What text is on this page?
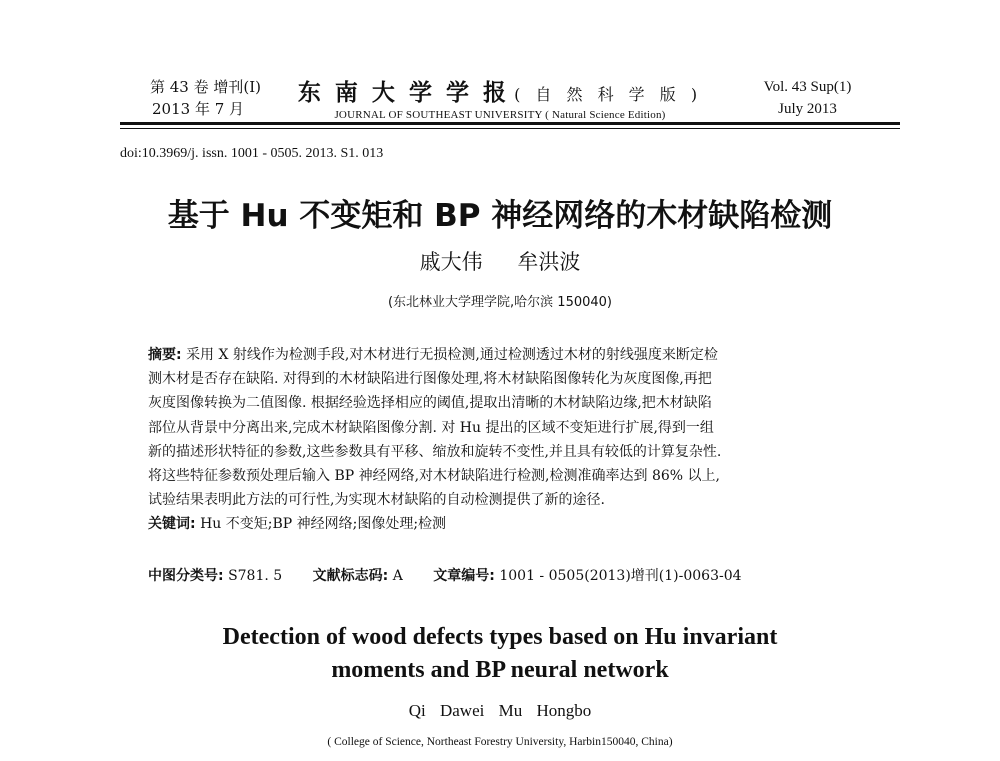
第 43 卷 增刊(Ⅰ)
2013 年 7 月
东 南 大 学 学 报 ( 自 然 科 学 版 )
JOURNAL OF SOUTHEAST UNIVERSITY ( Natural Science Edition)
Vol. 43 Sup(1)
July 2013
doi:10.3969/j. issn. 1001 - 0505. 2013. S1. 013
基于 Hu 不变矩和 BP 神经网络的木材缺陷检测
戚大伟 牟洪波
(东北林业大学理学院,哈尔滨 150040)
摘要: 采用 X 射线作为检测手段,对木材进行无损检测,通过检测透过木材的射线强度来断定检
测木材是否存在缺陷. 对得到的木材缺陷进行图像处理,将木材缺陷图像转化为灰度图像,再把
灰度图像转换为二值图像. 根据经验选择相应的阈值,提取出清晰的木材缺陷边缘,把木材缺陷
部位从背景中分离出来,完成木材缺陷图像分割. 对 Hu 提出的区域不变矩进行扩展,得到一组
新的描述形状特征的参数,这些参数具有平移、缩放和旋转不变性,并且具有较低的计算复杂性.
将这些特征参数预处理后输入 BP 神经网络,对木材缺陷进行检测,检测准确率达到 86% 以上,
试验结果表明此方法的可行性,为实现木材缺陷的自动检测提供了新的途径.
关键词: Hu 不变矩;BP 神经网络;图像处理;检测
中图分类号: S781. 5 文献标志码: A 文章编号: 1001 - 0505(2013)增刊(1)-0063-04
Detection of wood defects types based on Hu invariant
moments and BP neural network
Qi Dawei Mu Hongbo
( College of Science, Northeast Forestry University, Harbin150040, China)
